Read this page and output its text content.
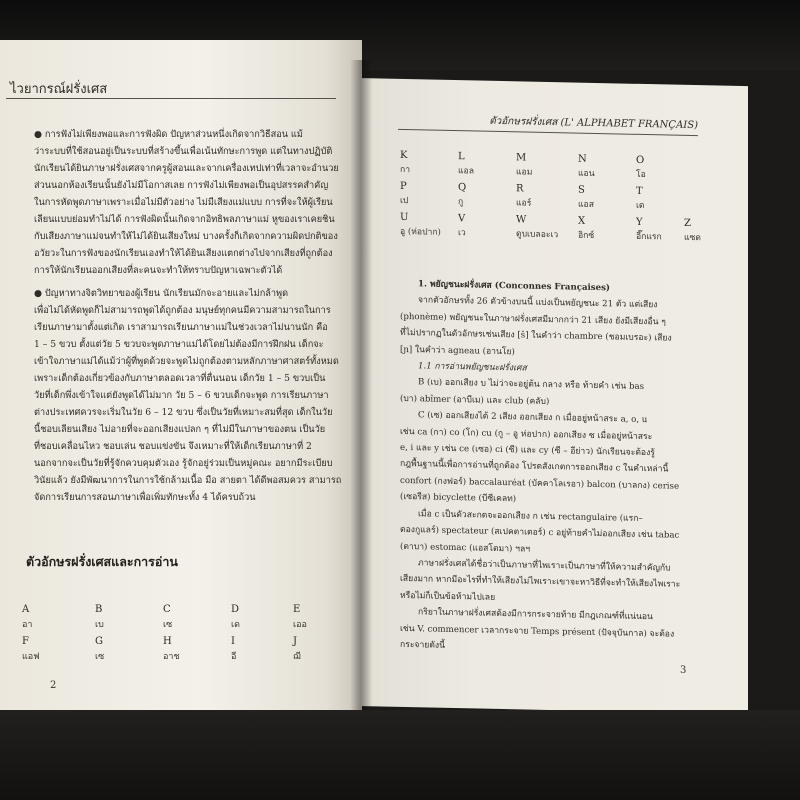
ไวยากรณ์ฝรั่งเศส
● การฟังไม่เพียงพอและการฟังผิด ปัญหาส่วนหนึ่งเกิดจากวิธีสอน แม้
ว่าระบบที่ใช้สอนอยู่เป็นระบบที่สร้างขึ้นเพื่อเน้นทักษะการพูด แต่ในทางปฏิบัติ
นักเรียนได้ยินภาษาฝรั่งเศสจากครูผู้สอนและจากเครื่องเทปเท่าที่เวลาจะอำนวย
ส่วนนอกห้องเรียนนั้นยังไม่มีโอกาสเลย การฟังไม่เพียงพอเป็นอุปสรรคสำคัญ
ในการหัดพูดภาษาเพราะเมื่อไม่มีตัวอย่าง ไม่มีเสียงแม่แบบ การที่จะให้ผู้เรียน
เลียนแบบย่อมทำไม่ได้ การฟังผิดนั้นเกิดจากอิทธิพลภาษาแม่ หูของเราเคยชิน
กับเสียงภาษาแม่จนทำให้ไม่ได้ยินเสียงใหม่ บางครั้งก็เกิดจากความผิดปกติของ
อวัยวะในการฟังของนักเรียนเองทำให้ได้ยินเสียงแตกต่างไปจากเสียงที่ถูกต้อง
การให้นักเรียนออกเสียงที่ละคนจะทำให้ทราบปัญหาเฉพาะตัวได้
● ปัญหาทางจิตวิทยาของผู้เรียน นักเรียนมักจะอายและไม่กล้าพูด
เพื่อไม่ได้หัดพูดก็ไม่สามารถพูดได้ถูกต้อง มนุษย์ทุกคนมีความสามารถในการ
เรียนภาษามาตั้งแต่เกิด เราสามารถเรียนภาษาแม่ในช่วงเวลาไม่นานนัก คือ
1 – 5 ขวบ ตั้งแต่วัย 5 ขวบจะพูดภาษาแม่ได้โดยไม่ต้องมีการฝึกฝน เด็กจะ
เข้าใจภาษาแม่ได้แม้ว่าผู้ที่พูดด้วยจะพูดไม่ถูกต้องตามหลักภาษาศาสตร์ทั้งหมด
เพราะเด็กต้องเกี่ยวข้องกับภาษาตลอดเวลาที่ตื่นนอน เด็กวัย 1 – 5 ขวบเป็น
วัยที่เด็กพึ่งเข้าใจแต่ยังพูดได้ไม่มาก วัย 5 – 6 ขวบเด็กจะพูด การเรียนภาษา
ต่างประเทศควรจะเริ่มในวัย 6 – 12 ขวบ ซึ่งเป็นวัยที่เหมาะสมที่สุด เด็กในวัย
นี้ชอบเลียนเสียง ไม่อายที่จะออกเสียงแปลก ๆ ที่ไม่มีในภาษาของตน เป็นวัย
ที่ชอบเคลื่อนไหว ชอบเล่น ชอบแข่งขัน จึงเหมาะที่ให้เด็กเรียนภาษาที่ 2
นอกจากจะเป็นวัยที่รู้จักควบคุมตัวเอง รู้จักอยู่ร่วมเป็นหมู่คณะ อยากมีระเบียบ
วินัยแล้ว ยังมีพัฒนาการในการใช้กล้ามเนื้อ มือ สายตา ได้ดีพอสมควร สามารถ
จัดการเรียนการสอนภาษาเพื่อเพิ่มทักษะทั้ง 4 ได้ครบถ้วน
ตัวอักษรฝรั่งเศสและการอ่าน
A	B	C	D	E
อา	เบ	เซ	เด	เออ
F	G	H	I	J
แอฟ	เซ	อาช	อี	ฌี
2
ตัวอักษรฝรั่งเศส (L' ALPHABET FRANÇAIS)
K	L	M	N	O
กา	แอล	แอม	แอน	โอ
P	Q	R	S	T
เป	กู	แอร์	แอส	เต
U	V	W	X	Y	Z
อู (ห่อปาก)	เว	ดูบเบลอะเว	อิกซ์	อี๊กแรก	แซด
1. พยัญชนะฝรั่งเศส (Conconnes Françaises)

จากตัวอักษรทั้ง 26 ตัวข้างบนนี้ แบ่งเป็นพยัญชนะ 21 ตัว แต่เสียง

(phonème) พยัญชนะในภาษาฝรั่งเศสมีมากกว่า 21 เสียง ยังมีเสียงอื่น ๆ
ที่ไม่ปรากฏในตัวอักษรเช่นเสียง [š] ในคำว่า chambre (ชอมเบรอะ) เสียง
[ɲ] ในคำว่า agneau (อานโย)
1.1 การอ่านพยัญชนะฝรั่งเศส

B (เบ) ออกเสียง บ ไม่ว่าจะอยู่ต้น กลาง หรือ ท้ายคำ เช่น bas

(บา) abîmer (อาบีเม) และ club (คลับ)

C (เซ) ออกเสียงได้ 2 เสียง ออกเสียง ก เมื่ออยู่หน้าสระ a, o, u

เช่น ca (กา) co (โก) cu (กู – อู ห่อปาก) ออกเสียง ซ เมื่ออยู่หน้าสระ
e, i และ y เช่น ce (เซอ) ci (ซี) และ cy (ซี – อีย่าว) นักเรียนจะต้องรู้
กฎพื้นฐานนี้เพื่อการอ่านที่ถูกต้อง โปรดสังเกตการออกเสียง c ในคำเหล่านี้
confort (กงฟอร์) baccalauréat (บัคคาโลเรอา) balcon (บาลกง) cerise
(เซอรีส) bicyclette (บีซีเคลท)

เมื่อ c เป็นตัวสะกดจะออกเสียง ก เช่น rectangulaire (แรก–

ตองกูแลร์) spectateur (สเปคตาเตอร์) c อยู่ท้ายคำไม่ออกเสียง เช่น tabac
(ตาบา) estomac (แอสโตมา) ฯลฯ

ภาษาฝรั่งเศสได้ชื่อว่าเป็นภาษาที่ไพเราะเป็นภาษาที่ให้ความสำคัญกับ

เสียงมาก หากมีอะไรที่ทำให้เสียงไม่ไพเราะเขาจะหาวิธีที่จะทำให้เสียงไพเราะ
หรือไม่ก็เป็นข้อห้ามไปเลย

กริยาในภาษาฝรั่งเศสต้องมีการกระจายท้าย มีกฎเกณฑ์ที่แน่นอน

เช่น V. commencer เวลากระจาย Temps présent (ปัจจุบันกาล) จะต้อง
กระจายดังนี้
3
